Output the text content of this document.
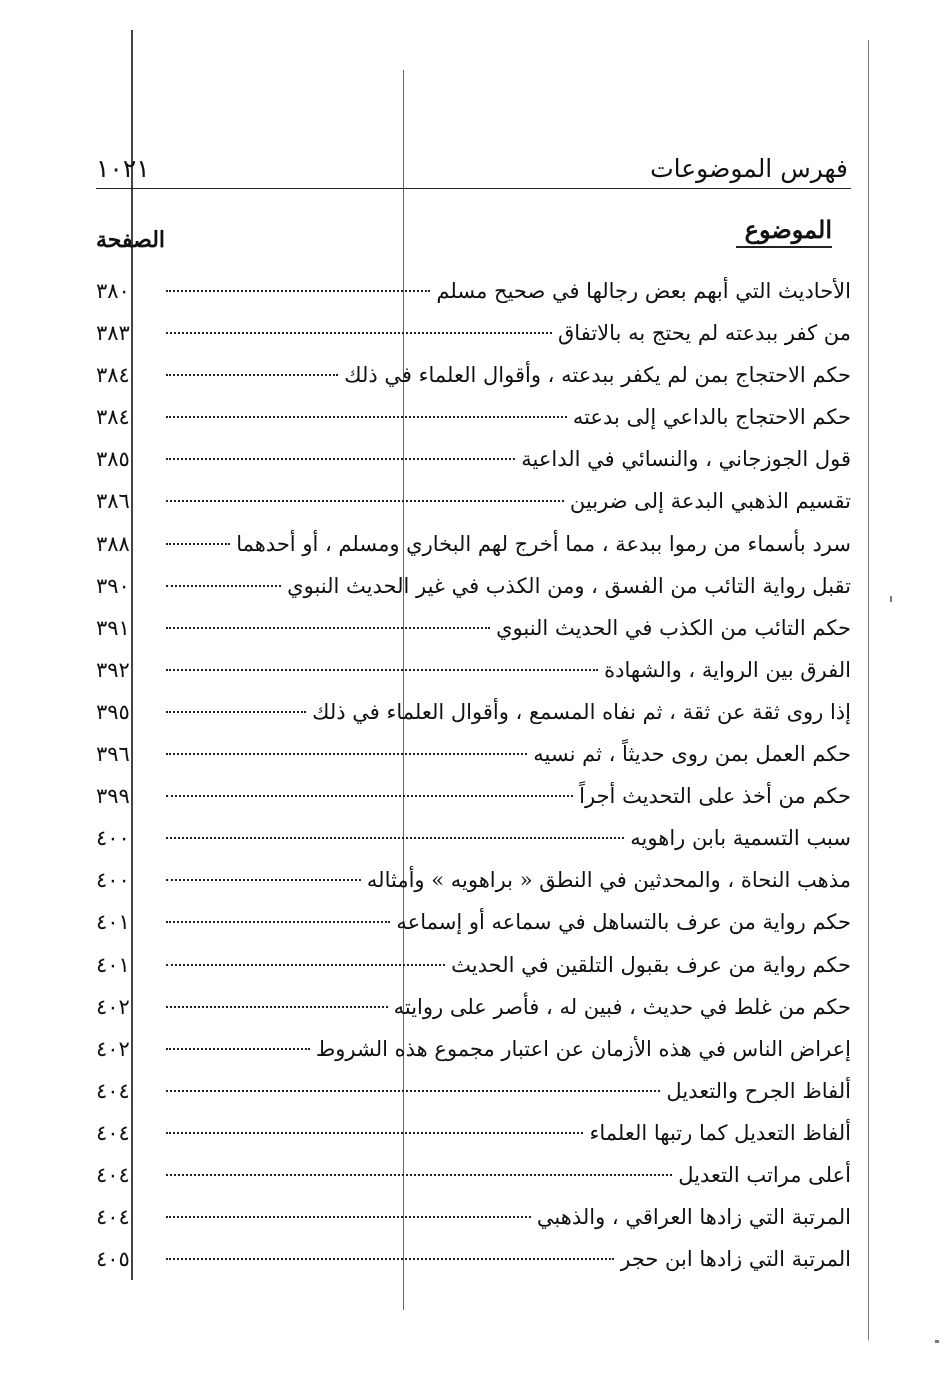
فهرس الموضوعات
١٠٢١
الموضوع
الصفحة
الأحاديث التي أبهم بعض رجالها في صحيح مسلم
٣٨٠
من كفر ببدعته لم يحتج به بالاتفاق
٣٨٣
حكم الاحتجاج بمن لم يكفر ببدعته ، وأقوال العلماء في ذلك
٣٨٤
حكم الاحتجاج بالداعي إلى بدعته
٣٨٤
قول الجوزجاني ، والنسائي في الداعية
٣٨٥
تقسيم الذهبي البدعة إلى ضربين
٣٨٦
سرد بأسماء من رموا ببدعة ، مما أخرج لهم البخاري ومسلم ، أو أحدهما
٣٨٨
تقبل رواية التائب من الفسق ، ومن الكذب في غير الحديث النبوي
٣٩٠
حكم التائب من الكذب في الحديث النبوي
٣٩١
الفرق بين الرواية ، والشهادة
٣٩٢
إذا روى ثقة عن ثقة ، ثم نفاه المسمع ، وأقوال العلماء في ذلك
٣٩٥
حكم العمل بمن روى حديثاً ، ثم نسيه
٣٩٦
حكم من أخذ على التحديث أجراً
٣٩٩
سبب التسمية بابن راهويه
٤٠٠
مذهب النحاة ، والمحدثين في النطق « براهويه » وأمثاله
٤٠٠
حكم رواية من عرف بالتساهل في سماعه أو إسماعه
٤٠١
حكم رواية من عرف بقبول التلقين في الحديث
٤٠١
حكم من غلط في حديث ، فبين له ، فأصر على روايته
٤٠٢
إعراض الناس في هذه الأزمان عن اعتبار مجموع هذه الشروط
٤٠٢
ألفاظ الجرح والتعديل
٤٠٤
ألفاظ التعديل كما رتبها العلماء
٤٠٤
أعلى مراتب التعديل
٤٠٤
المرتبة التي زادها العراقي ، والذهبي
٤٠٤
المرتبة التي زادها ابن حجر
٤٠٥
